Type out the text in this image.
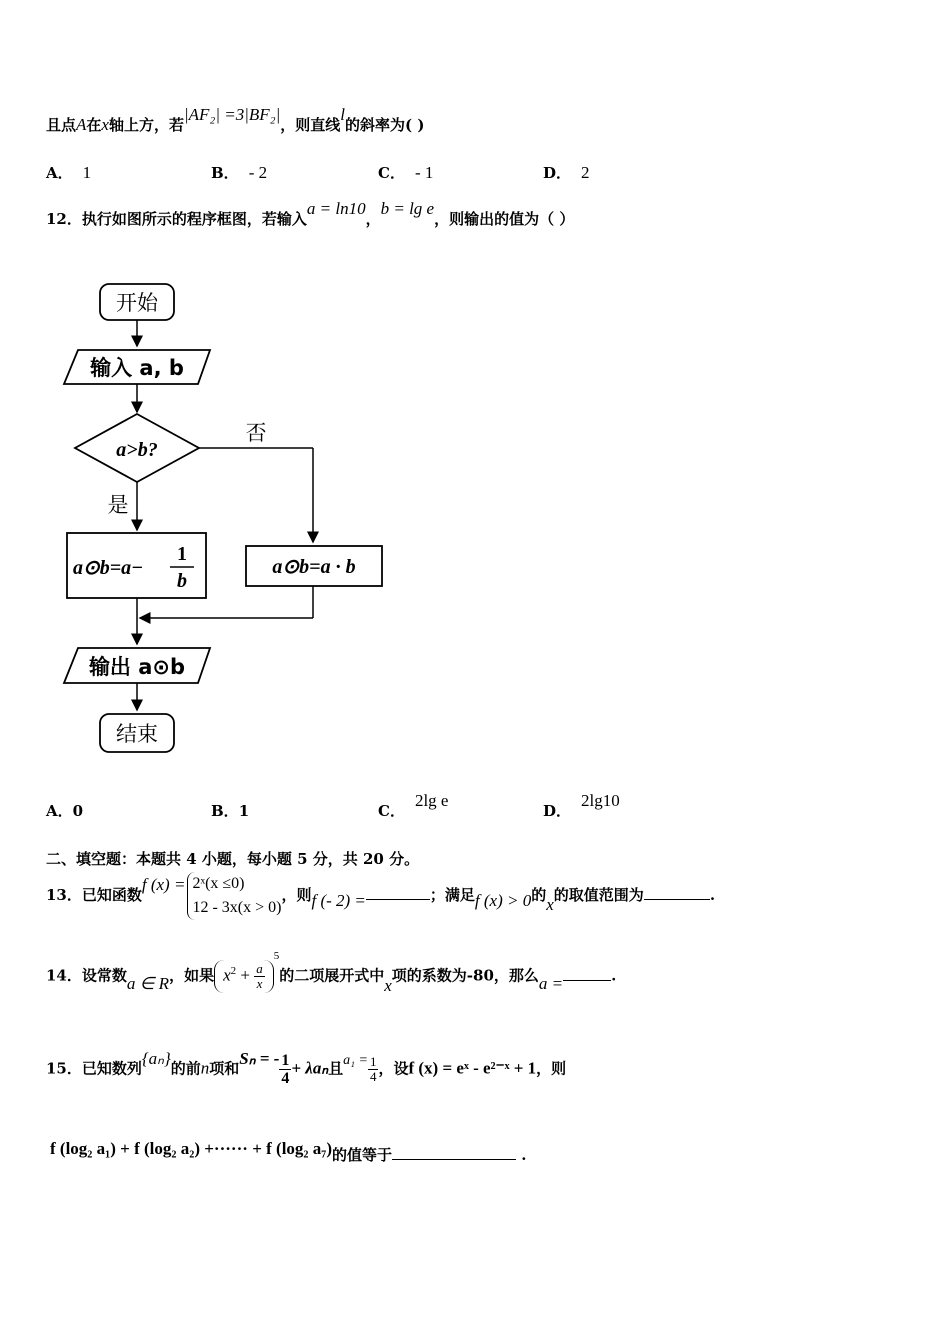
且点A在x轴上方，若|AF₂| =3|BF₂|，则直线l的斜率为( )
A． 1	B． - 2	C． - 1	D． 2
12．执行如图所示的程序框图，若输入a = ln10，b = lg e，则输出的值为（ ）
开始
输入 a, b
a>b?
否
是
a⊙b=a−
1
b
a⊙b=a · b
输出 a⊙b
结束
A．0	B．1	C．2lg e
D．2lg10
二、填空题：本题共 4 小题，每小题 5 分，共 20 分。
13．已知函数f (x) = 2ˣ(x ≤0)
12 - 3x(x > 0)
，则f (- 2) =	；满足f (x) > 0的x的取值范围为	.
14．设常数a ∈ R，如果 $x^2 + \frac{a}{x}$
$^5$的二项展开式中x项的系数为-80，那么a =	.
15．已知数列{aₙ}的前n项和Sₙ = - $\frac{1}{4} + \lambda a_n$且$a_1 = \frac{1}{4}$ ，设f (x) = eˣ - e²⁻ˣ + 1，则
f (log₂ a₁) + f (log₂ a₂) +······ + f (log₂ a₇)的值等于	.
